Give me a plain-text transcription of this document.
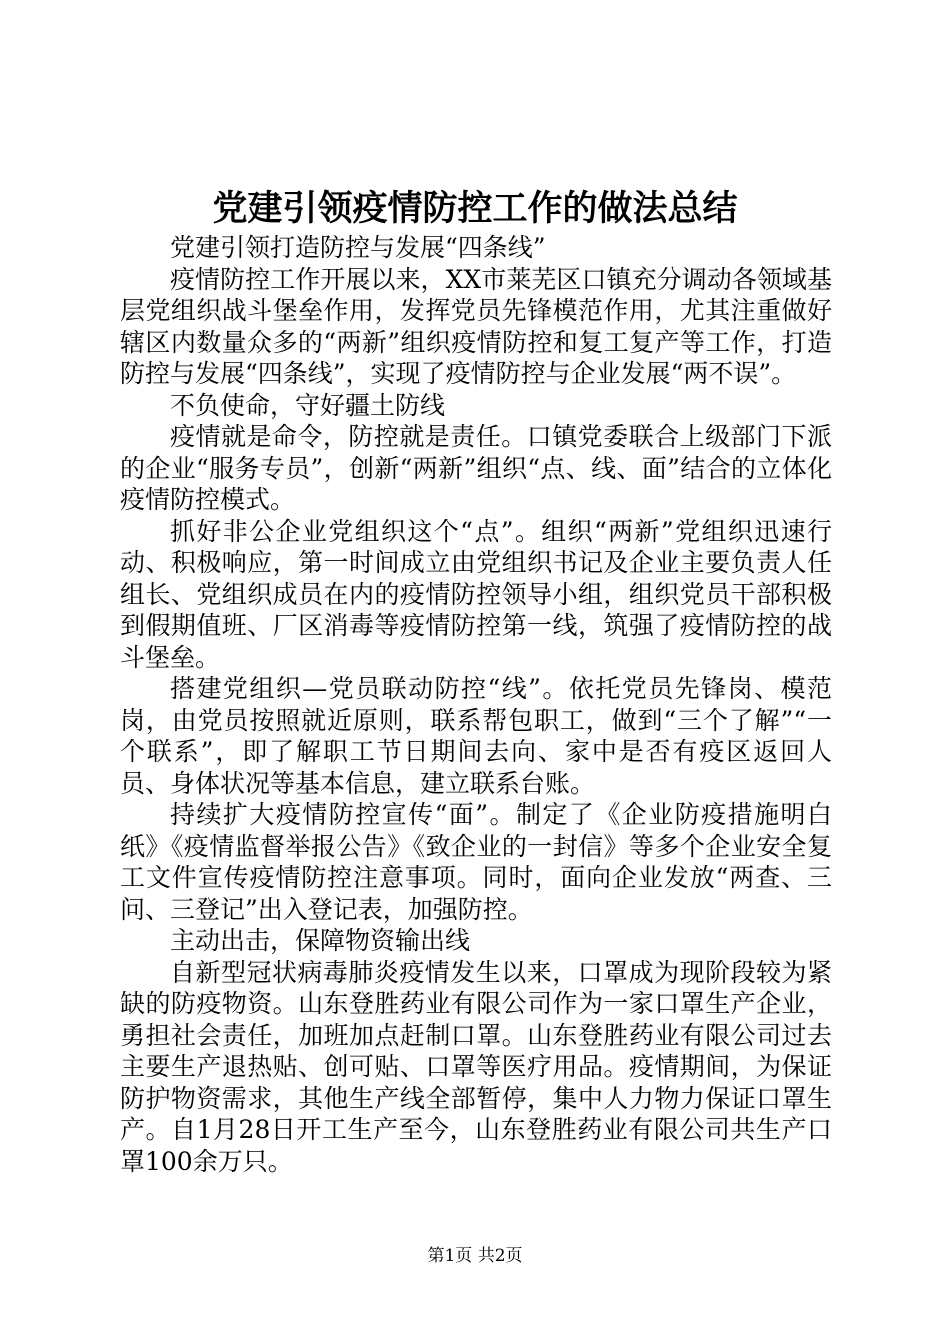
党建引领疫情防控工作的做法总结

党建引领打造防控与发展“四条线”

疫情防控工作开展以来，XX市莱芜区口镇充分调动各领域基层党组织战斗堡垒作用，发挥党员先锋模范作用，尤其注重做好辖区内数量众多的“两新”组织疫情防控和复工复产等工作，打造防控与发展“四条线”，实现了疫情防控与企业发展“两不误”。

不负使命，守好疆土防线

疫情就是命令，防控就是责任。口镇党委联合上级部门下派的企业“服务专员”，创新“两新”组织“点、线、面”结合的立体化疫情防控模式。

抓好非公企业党组织这个“点”。组织“两新”党组织迅速行动、积极响应，第一时间成立由党组织书记及企业主要负责人任组长、党组织成员在内的疫情防控领导小组，组织党员干部积极到假期值班、厂区消毒等疫情防控第一线，筑强了疫情防控的战斗堡垒。

搭建党组织—党员联动防控“线”。依托党员先锋岗、模范岗，由党员按照就近原则，联系帮包职工，做到“三个了解”“一个联系”，即了解职工节日期间去向、家中是否有疫区返回人员、身体状况等基本信息，建立联系台账。

持续扩大疫情防控宣传“面”。制定了《企业防疫措施明白纸》《疫情监督举报公告》《致企业的一封信》等多个企业安全复工文件宣传疫情防控注意事项。同时，面向企业发放“两查、三问、三登记”出入登记表，加强防控。

主动出击，保障物资输出线

自新型冠状病毒肺炎疫情发生以来，口罩成为现阶段较为紧缺的防疫物资。山东登胜药业有限公司作为一家口罩生产企业，勇担社会责任，加班加点赶制口罩。山东登胜药业有限公司过去主要生产退热贴、创可贴、口罩等医疗用品。疫情期间，为保证防护物资需求，其他生产线全部暂停，集中人力物力保证口罩生产。自1月28日开工生产至今，山东登胜药业有限公司共生产口罩100余万只。

第1页 共2页
